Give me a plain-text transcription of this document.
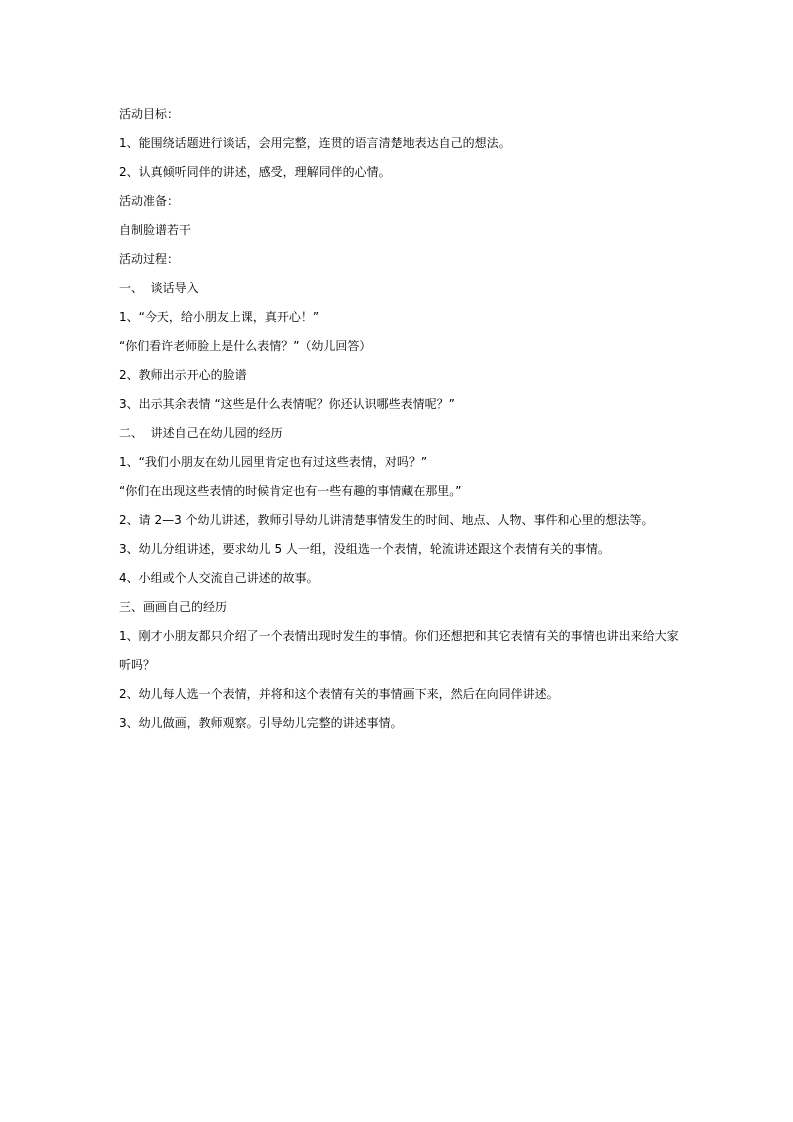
活动目标：

1、能围绕话题进行谈话，会用完整，连贯的语言清楚地表达自己的想法。

2、认真倾听同伴的讲述，感受，理解同伴的心情。

活动准备：

自制脸谱若干

活动过程：

一、  谈话导入

1、“今天，给小朋友上课，真开心！”

“你们看许老师脸上是什么表情？”（幼儿回答）

2、教师出示开心的脸谱

3、出示其余表情 “这些是什么表情呢？你还认识哪些表情呢？”

二、  讲述自己在幼儿园的经历

1、“我们小朋友在幼儿园里肯定也有过这些表情，对吗？”

“你们在出现这些表情的时候肯定也有一些有趣的事情藏在那里。”

2、请 2—3 个幼儿讲述，教师引导幼儿讲清楚事情发生的时间、地点、人物、事件和心里的想法等。

3、幼儿分组讲述，要求幼儿 5 人一组，没组选一个表情，轮流讲述跟这个表情有关的事情。

4、小组或个人交流自己讲述的故事。

三、画画自己的经历

1、刚才小朋友都只介绍了一个表情出现时发生的事情。你们还想把和其它表情有关的事情也讲出来给大家听吗？

2、幼儿每人选一个表情，并将和这个表情有关的事情画下来，然后在向同伴讲述。

3、幼儿做画，教师观察。引导幼儿完整的讲述事情。
